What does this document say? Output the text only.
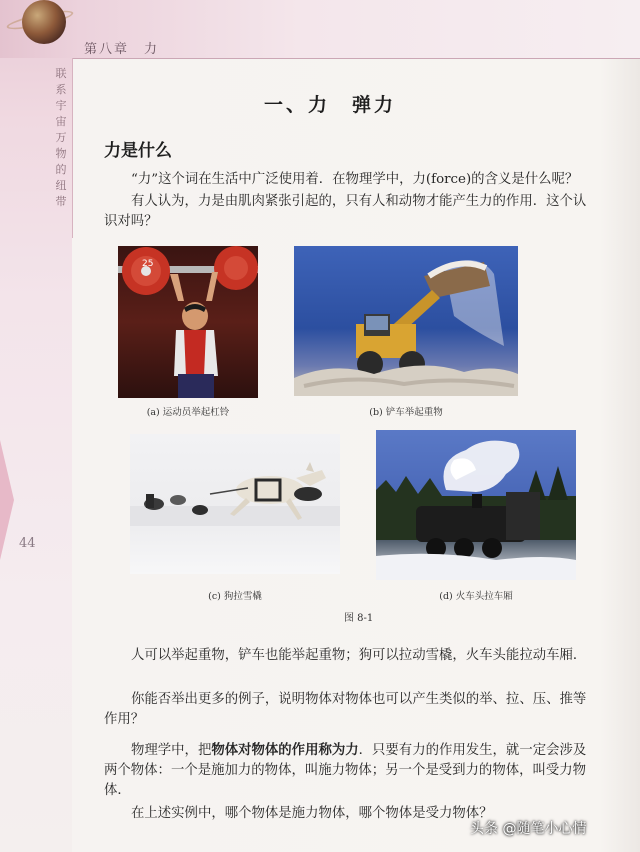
第八章　力
联系宇宙万物的纽带
44
一、力　弹力
力是什么
“力”这个词在生活中广泛使用着．在物理学中，力(force)的含义是什么呢？
有人认为，力是由肌肉紧张引起的，只有人和动物才能产生力的作用．这个认识对吗？
25
(a) 运动员举起杠铃	(b) 铲车举起重物
(c) 狗拉雪橇	(d) 火车头拉车厢
图 8-1
人可以举起重物，铲车也能举起重物；狗可以拉动雪橇，火车头能拉动车厢．
你能否举出更多的例子，说明物体对物体也可以产生类似的举、拉、压、推等作用？
物理学中，把物体对物体的作用称为力．只要有力的作用发生，就一定会涉及两个物体：一个是施加力的物体，叫施力物体；另一个是受到力的物体，叫受力物体．
在上述实例中，哪个物体是施力物体，哪个物体是受力物体？
头条 @随笔小心情
